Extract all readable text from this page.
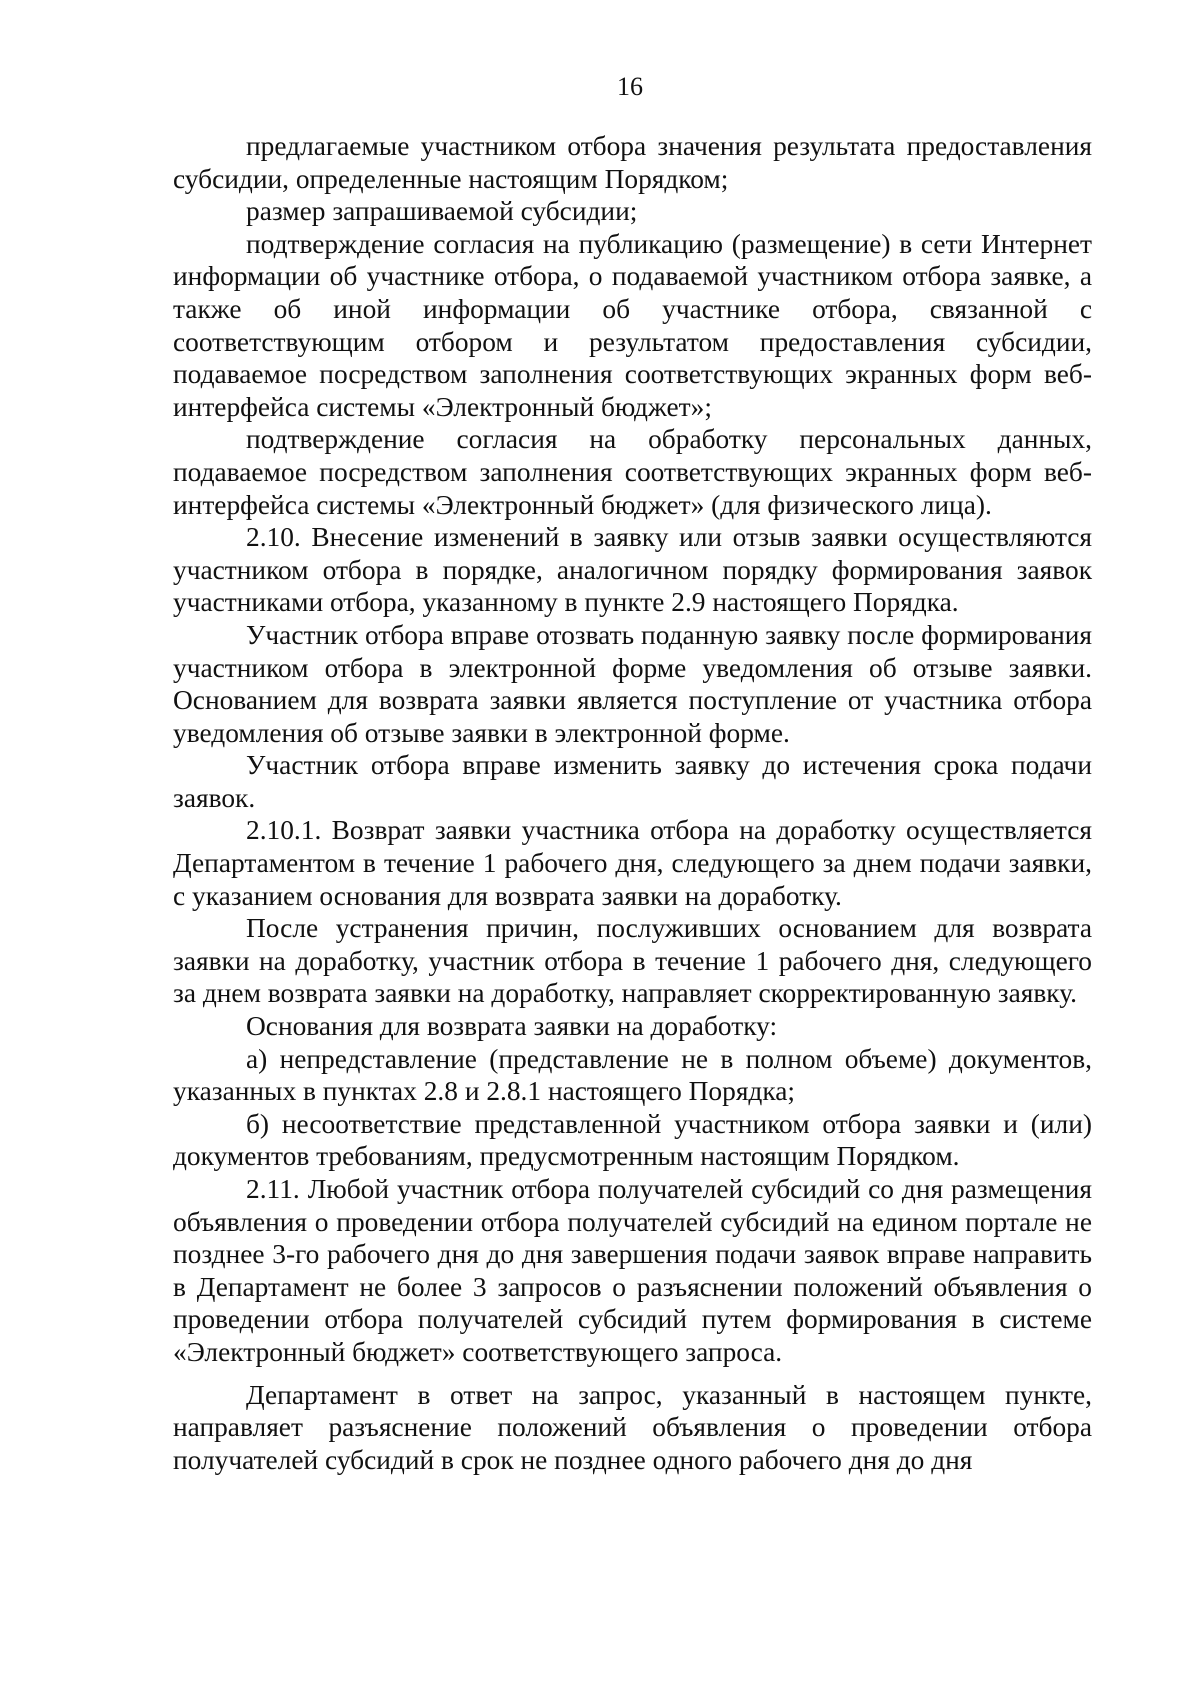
16

предлагаемые участником отбора значения результата предоставления субсидии, определенные настоящим Порядком;

размер запрашиваемой субсидии;

подтверждение согласия на публикацию (размещение) в сети Интернет информации об участнике отбора, о подаваемой участником отбора заявке, а также об иной информации об участнике отбора, связанной с соответствующим отбором и результатом предоставления субсидии, подаваемое посредством заполнения соответствующих экранных форм веб-интерфейса системы «Электронный бюджет»;

подтверждение согласия на обработку персональных данных, подаваемое посредством заполнения соответствующих экранных форм веб-интерфейса системы «Электронный бюджет» (для физического лица).

2.10. Внесение изменений в заявку или отзыв заявки осуществляются участником отбора в порядке, аналогичном порядку формирования заявок участниками отбора, указанному в пункте 2.9 настоящего Порядка.

Участник отбора вправе отозвать поданную заявку после формирования участником отбора в электронной форме уведомления об отзыве заявки. Основанием для возврата заявки является поступление от участника отбора уведомления об отзыве заявки в электронной форме.

Участник отбора вправе изменить заявку до истечения срока подачи заявок.

2.10.1. Возврат заявки участника отбора на доработку осуществляется Департаментом в течение 1 рабочего дня, следующего за днем подачи заявки, с указанием основания для возврата заявки на доработку.

После устранения причин, послуживших основанием для возврата заявки на доработку, участник отбора в течение 1 рабочего дня, следующего за днем возврата заявки на доработку, направляет скорректированную заявку.

Основания для возврата заявки на доработку:

а) непредставление (представление не в полном объеме) документов, указанных в пунктах 2.8 и 2.8.1 настоящего Порядка;

б) несоответствие представленной участником отбора заявки и (или) документов требованиям, предусмотренным настоящим Порядком.

2.11. Любой участник отбора получателей субсидий со дня размещения объявления о проведении отбора получателей субсидий на едином портале не позднее 3-го рабочего дня до дня завершения подачи заявок вправе направить в Департамент не более 3 запросов о разъяснении положений объявления о проведении отбора получателей субсидий путем формирования в системе «Электронный бюджет» соответствующего запроса.

Департамент в ответ на запрос, указанный в настоящем пункте, направляет разъяснение положений объявления о проведении отбора получателей субсидий в срок не позднее одного рабочего дня до дня
